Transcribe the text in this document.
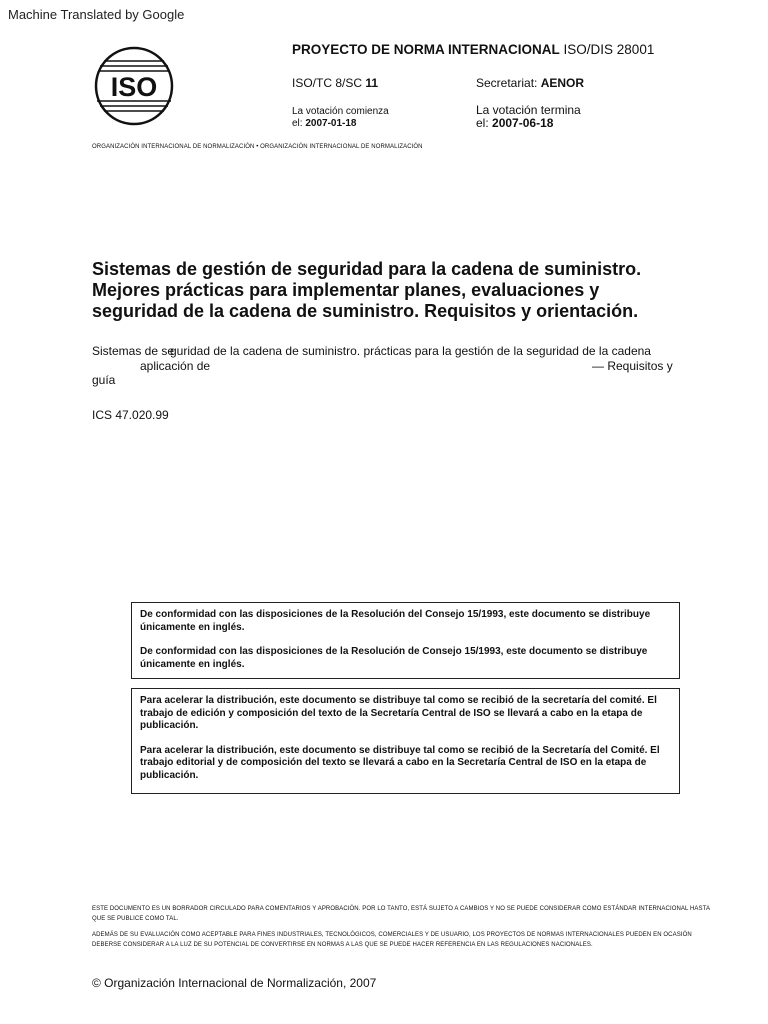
Machine Translated by Google
ISO
PROYECTO DE NORMA INTERNACIONAL ISO/DIS 28001
ISO/TC 8/SC 11	Secretariat: AENOR
La votación comienza
el: 2007-01-18
La votación termina
el: 2007-06-18
ORGANIZACIÓN INTERNACIONAL DE NORMALIZACIÓN • ORGANIZACIÓN INTERNACIONAL DE NORMALIZACIÓN
Sistemas de gestión de seguridad para la cadena de suministro.
Mejores prácticas para implementar planes, evaluaciones y
seguridad de la cadena de suministro. Requisitos y orientación.
Sistemas de se
guridad de la cadena de suministro. prácticas para la gestión de la seguridad de la cadena
aplicación de	— Requisitos y
guía
ICS 47.020.99

De conformidad con las disposiciones de la Resolución del Consejo 15/1993, este documento se distribuye únicamente en inglés.

De conformidad con las disposiciones de la Resolución de Consejo 15/1993, este documento se distribuye únicamente en inglés.

Para acelerar la distribución, este documento se distribuye tal como se recibió de la secretaría del comité. El trabajo de edición y composición del texto de la Secretaría Central de ISO se llevará a cabo en la etapa de publicación.

Para acelerar la distribución, este documento se distribuye tal como se recibió de la Secretaría del Comité. El trabajo editorial y de composición del texto se llevará a cabo en la Secretaría Central de ISO en la etapa de publicación.

ESTE DOCUMENTO ES UN BORRADOR CIRCULADO PARA COMENTARIOS Y APROBACIÓN. POR LO TANTO, ESTÁ SUJETO A CAMBIOS Y NO SE PUEDE CONSIDERAR COMO ESTÁNDAR INTERNACIONAL HASTA QUE SE PUBLICE COMO TAL.
ADEMÁS DE SU EVALUACIÓN COMO ACEPTABLE PARA FINES INDUSTRIALES, TECNOLÓGICOS, COMERCIALES Y DE USUARIO, LOS PROYECTOS DE NORMAS INTERNACIONALES PUEDEN EN OCASIÓN DEBERSE CONSIDERAR A LA LUZ DE SU POTENCIAL DE CONVERTIRSE EN NORMAS A LAS QUE SE PUEDE HACER REFERENCIA EN LAS REGULACIONES NACIONALES.
© Organización Internacional de Normalización, 2007
